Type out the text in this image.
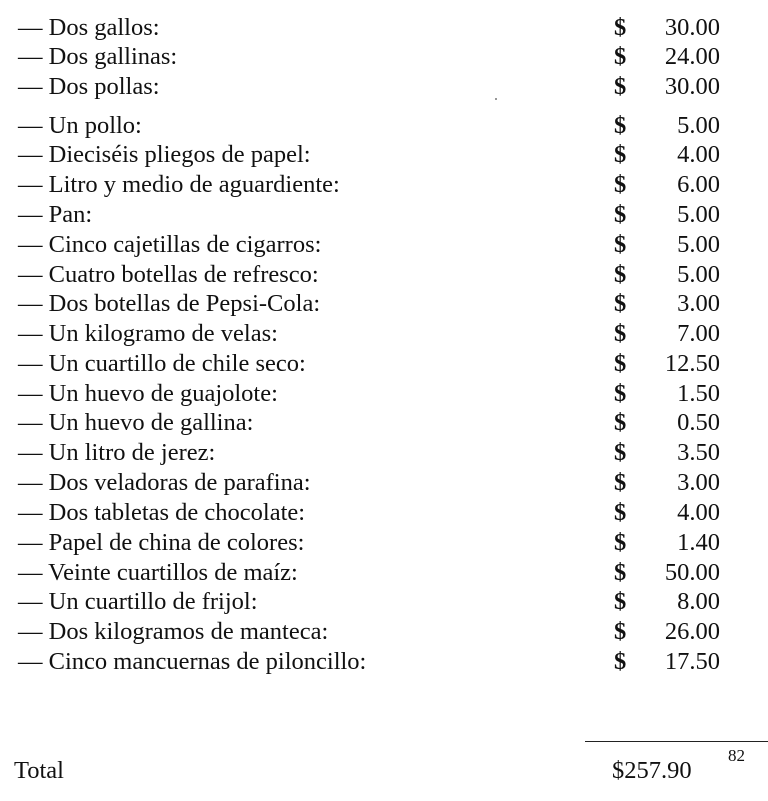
— Dos gallos:	$ 30.00
— Dos gallinas:	$ 24.00
— Dos pollas:	$ 30.00
— Un pollo:	$ 5.00
— Dieciséis pliegos de papel:	$ 4.00
— Litro y medio de aguardiente:	$ 6.00
— Pan:	$ 5.00
— Cinco cajetillas de cigarros:	$ 5.00
— Cuatro botellas de refresco:	$ 5.00
— Dos botellas de Pepsi-Cola:	$ 3.00
— Un kilogramo de velas:	$ 7.00
— Un cuartillo de chile seco:	$ 12.50
— Un huevo de guajolote:	$ 1.50
— Un huevo de gallina:	$ 0.50
— Un litro de jerez:	$ 3.50
— Dos veladoras de parafina:	$ 3.00
— Dos tabletas de chocolate:	$ 4.00
— Papel de china de colores:	$ 1.40
— Veinte cuartillos de maíz:	$ 50.00
— Un cuartillo de frijol:	$ 8.00
— Dos kilogramos de manteca:	$ 26.00
— Cinco mancuernas de piloncillo:	$ 17.50
Total	$257.90
82
